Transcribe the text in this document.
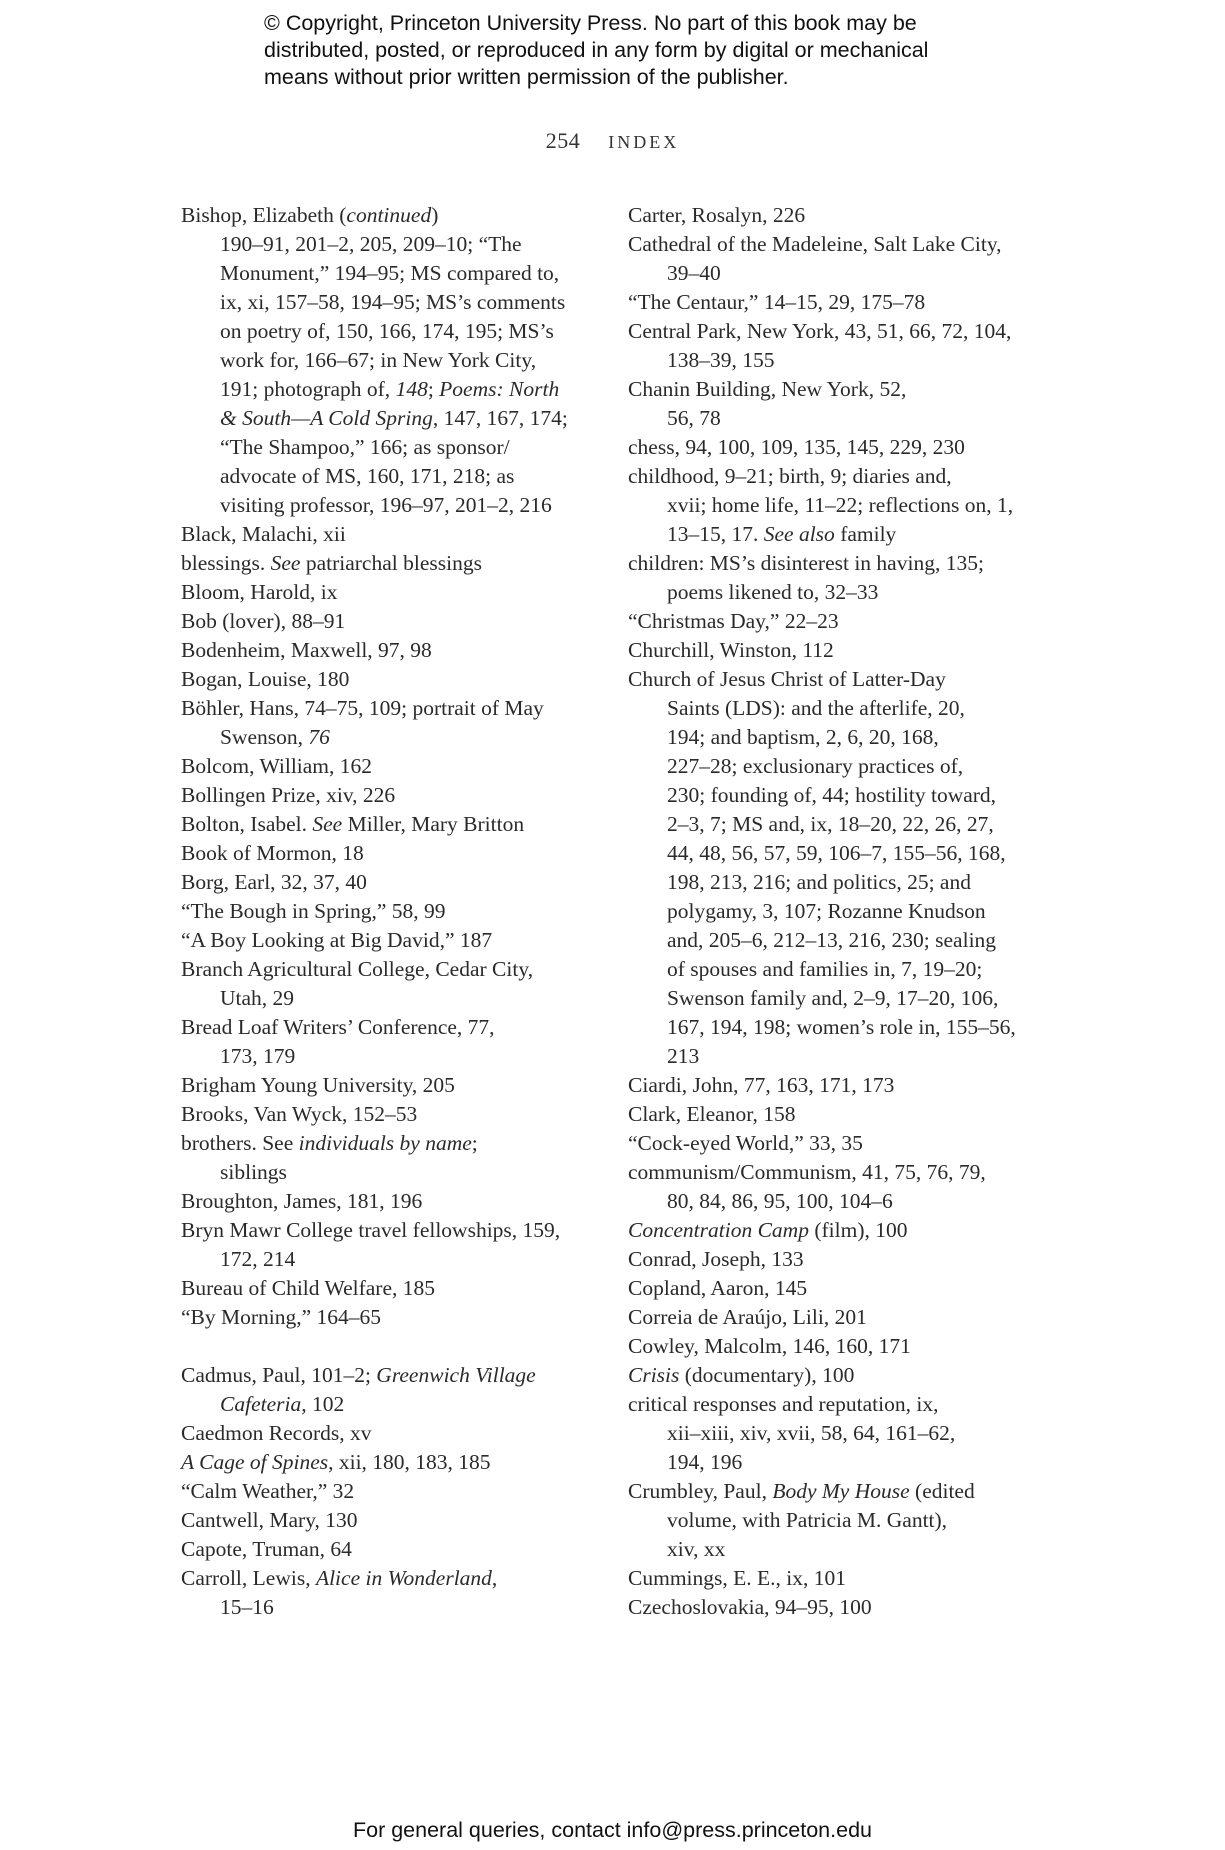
© Copyright, Princeton University Press. No part of this book may be
distributed, posted, or reproduced in any form by digital or mechanical
means without prior written permission of the publisher.
254 INDEX
Bishop, Elizabeth (continued)
190–91, 201–2, 205, 209–10; “The
Monument,” 194–95; MS compared to,
ix, xi, 157–58, 194–95; MS’s comments
on poetry of, 150, 166, 174, 195; MS’s
work for, 166–67; in New York City,
191; photograph of, 148; Poems: North
& South—A Cold Spring, 147, 167, 174;
“The Shampoo,” 166; as sponsor/
advocate of MS, 160, 171, 218; as
visiting professor, 196–97, 201–2, 216
Black, Malachi, xii
blessings. See patriarchal blessings
Bloom, Harold, ix
Bob (lover), 88–91
Bodenheim, Maxwell, 97, 98
Bogan, Louise, 180
Böhler, Hans, 74–75, 109; portrait of May
Swenson, 76
Bolcom, William, 162
Bollingen Prize, xiv, 226
Bolton, Isabel. See Miller, Mary Britton
Book of Mormon, 18
Borg, Earl, 32, 37, 40
“The Bough in Spring,” 58, 99
“A Boy Looking at Big David,” 187
Branch Agricultural College, Cedar City,
Utah, 29
Bread Loaf Writers’ Conference, 77,
173, 179
Brigham Young University, 205
Brooks, Van Wyck, 152–53
brothers. See individuals by name;
siblings
Broughton, James, 181, 196
Bryn Mawr College travel fellowships, 159,
172, 214
Bureau of Child Welfare, 185
“By Morning,” 164–65
Cadmus, Paul, 101–2; Greenwich Village
Cafeteria, 102
Caedmon Records, xv
A Cage of Spines, xii, 180, 183, 185
“Calm Weather,” 32
Cantwell, Mary, 130
Capote, Truman, 64
Carroll, Lewis, Alice in Wonderland,
15–16
Carter, Rosalyn, 226
Cathedral of the Madeleine, Salt Lake City,
39–40
“The Centaur,” 14–15, 29, 175–78
Central Park, New York, 43, 51, 66, 72, 104,
138–39, 155
Chanin Building, New York, 52,
56, 78
chess, 94, 100, 109, 135, 145, 229, 230
childhood, 9–21; birth, 9; diaries and,
xvii; home life, 11–22; reflections on, 1,
13–15, 17. See also family
children: MS’s disinterest in having, 135;
poems likened to, 32–33
“Christmas Day,” 22–23
Churchill, Winston, 112
Church of Jesus Christ of Latter-Day
Saints (LDS): and the afterlife, 20,
194; and baptism, 2, 6, 20, 168,
227–28; exclusionary practices of,
230; founding of, 44; hostility toward,
2–3, 7; MS and, ix, 18–20, 22, 26, 27,
44, 48, 56, 57, 59, 106–7, 155–56, 168,
198, 213, 216; and politics, 25; and
polygamy, 3, 107; Rozanne Knudson
and, 205–6, 212–13, 216, 230; sealing
of spouses and families in, 7, 19–20;
Swenson family and, 2–9, 17–20, 106,
167, 194, 198; women’s role in, 155–56,
213
Ciardi, John, 77, 163, 171, 173
Clark, Eleanor, 158
“Cock-eyed World,” 33, 35
communism/Communism, 41, 75, 76, 79,
80, 84, 86, 95, 100, 104–6
Concentration Camp (film), 100
Conrad, Joseph, 133
Copland, Aaron, 145
Correia de Araújo, Lili, 201
Cowley, Malcolm, 146, 160, 171
Crisis (documentary), 100
critical responses and reputation, ix,
xii–xiii, xiv, xvii, 58, 64, 161–62,
194, 196
Crumbley, Paul, Body My House (edited
volume, with Patricia M. Gantt),
xiv, xx
Cummings, E. E., ix, 101
Czechoslovakia, 94–95, 100
For general queries, contact info@press.princeton.edu
